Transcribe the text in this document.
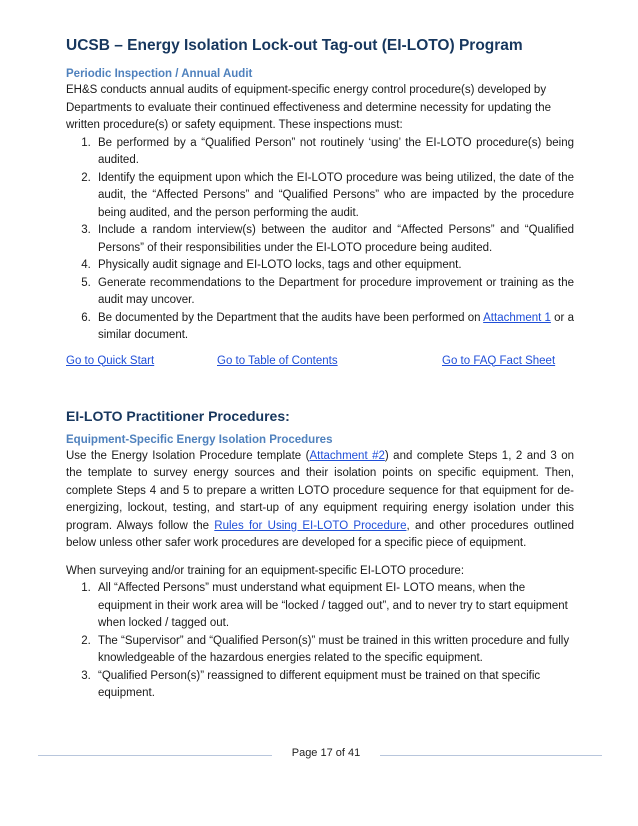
UCSB – Energy Isolation Lock-out Tag-out (EI-LOTO) Program

Periodic Inspection / Annual Audit

EH&S conducts annual audits of equipment-specific energy control procedure(s) developed by Departments to evaluate their continued effectiveness and determine necessity for updating the written procedure(s) or safety equipment. These inspections must:

1. Be performed by a “Qualified Person” not routinely ‘using’ the EI-LOTO procedure(s) being audited.
2. Identify the equipment upon which the EI-LOTO procedure was being utilized, the date of the audit, the “Affected Persons” and “Qualified Persons” who are impacted by the procedure being audited, and the person performing the audit.
3. Include a random interview(s) between the auditor and “Affected Persons” and “Qualified Persons” of their responsibilities under the EI-LOTO procedure being audited.
4. Physically audit signage and EI-LOTO locks, tags and other equipment.
5. Generate recommendations to the Department for procedure improvement or training as the audit may uncover.
6. Be documented by the Department that the audits have been performed on Attachment 1 or a similar document.
Go to Quick Start	Go to Table of Contents	Go to FAQ Fact Sheet
EI-LOTO Practitioner Procedures:

Equipment-Specific Energy Isolation Procedures

Use the Energy Isolation Procedure template (Attachment #2) and complete Steps 1, 2 and 3 on the template to survey energy sources and their isolation points on specific equipment. Then, complete Steps 4 and 5 to prepare a written LOTO procedure sequence for that equipment for de-energizing, lockout, testing, and start-up of any equipment requiring energy isolation under this program. Always follow the Rules for Using EI-LOTO Procedure, and other procedures outlined below unless other safer work procedures are developed for a specific piece of equipment.

When surveying and/or training for an equipment-specific EI-LOTO procedure:

1. All “Affected Persons” must understand what equipment EI- LOTO means, when the equipment in their work area will be “locked / tagged out”, and to never try to start equipment when locked / tagged out.
2. The “Supervisor” and “Qualified Person(s)” must be trained in this written procedure and fully knowledgeable of the hazardous energies related to the specific equipment.
3. “Qualified Person(s)” reassigned to different equipment must be trained on that specific equipment.
Page 17 of 41
